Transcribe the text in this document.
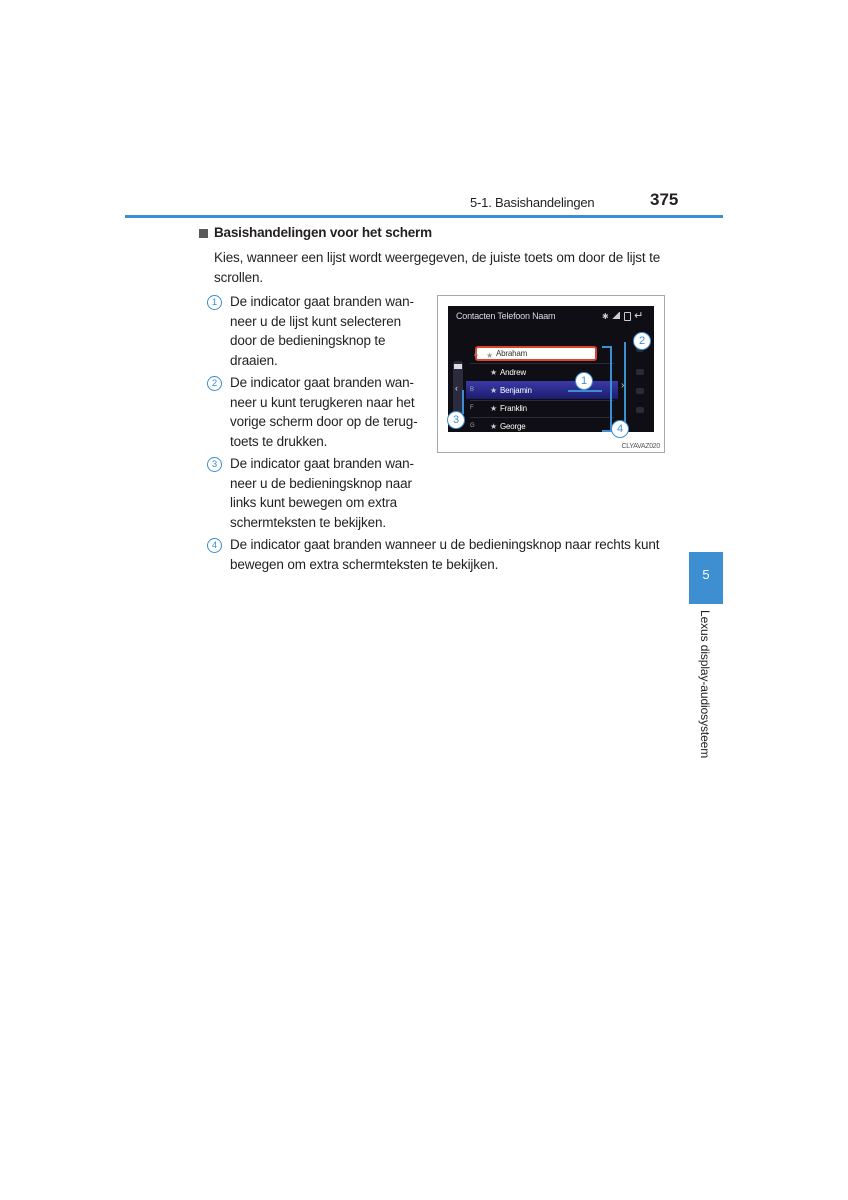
5-1. Basishandelingen	375
5
Lexus display-audiosysteem
Basishandelingen voor het scherm
Kies, wanneer een lijst wordt weergegeven, de juiste toets om door de lijst te
scrollen.
1 De indicator gaat branden wan-
neer u de lijst kunt selecteren
door de bedieningsknop te
draaien.
2 De indicator gaat branden wan-
neer u kunt terugkeren naar het
vorige scherm door op de terug-
toets te drukken.
3 De indicator gaat branden wan-
neer u de bedieningsknop naar
links kunt bewegen om extra
schermteksten te bekijken.
4 De indicator gaat branden wanneer u de bedieningsknop naar rechts kunt
bewegen om extra schermteksten te bekijken.
Contacten Telefoon Naam	✱ ↵
‹
A ★ Abraham
★ Andrew
B ★ Benjamin
F ★ Franklin
G ★ George
›
1
2
3
4
CLYAVAZ020
